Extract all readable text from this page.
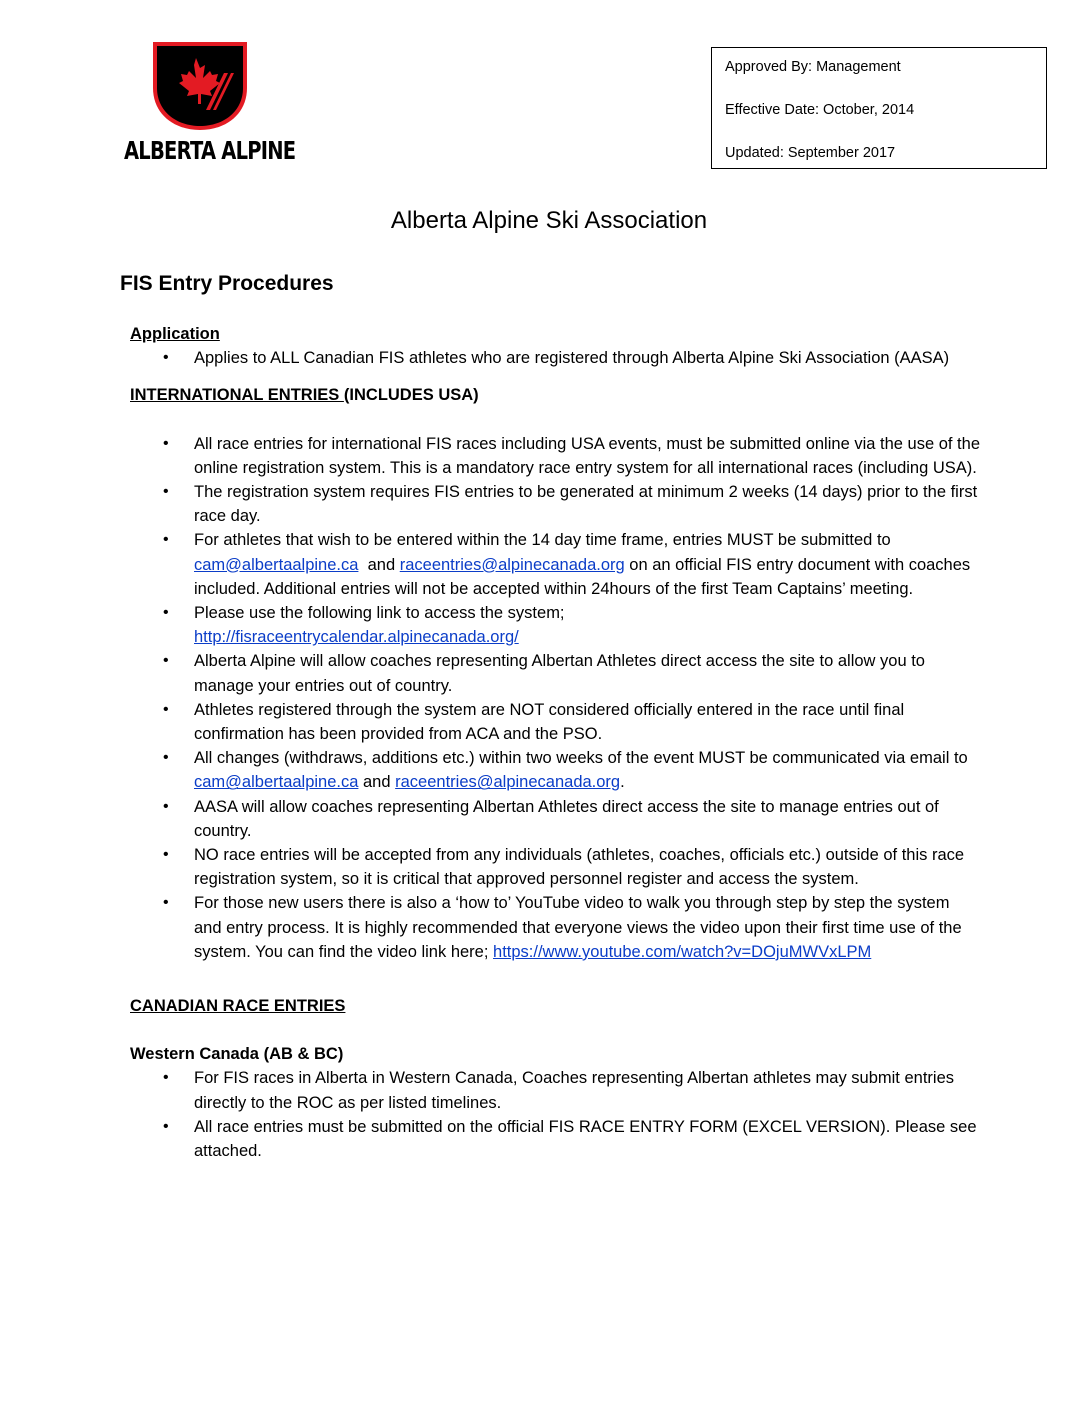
ALBERTA ALPINE
Approved By: Management
Effective Date: October, 2014
Updated: September 2017
Alberta Alpine Ski Association
FIS Entry Procedures
Application
• Applies to ALL Canadian FIS athletes who are registered through Alberta Alpine Ski Association (AASA)
INTERNATIONAL ENTRIES (INCLUDES USA)
• All race entries for international FIS races including USA events, must be submitted online via the use of the online registration system. This is a mandatory race entry system for all international races (including USA).
• The registration system requires FIS entries to be generated at minimum 2 weeks (14 days) prior to the first race day.
• For athletes that wish to be entered within the 14 day time frame, entries MUST be submitted to cam@albertaalpine.ca  and raceentries@alpinecanada.org on an official FIS entry document with coaches included. Additional entries will not be accepted within 24hours of the first Team Captains’ meeting.
• Please use the following link to access the system;
http://fisraceentrycalendar.alpinecanada.org/
• Alberta Alpine will allow coaches representing Albertan Athletes direct access the site to allow you to manage your entries out of country.
• Athletes registered through the system are NOT considered officially entered in the race until final confirmation has been provided from ACA and the PSO.
• All changes (withdraws, additions etc.) within two weeks of the event MUST be communicated via email to cam@albertaalpine.ca and raceentries@alpinecanada.org.
• AASA will allow coaches representing Albertan Athletes direct access the site to manage entries out of country.
• NO race entries will be accepted from any individuals (athletes, coaches, officials etc.) outside of this race registration system, so it is critical that approved personnel register and access the system.
• For those new users there is also a ‘how to’ YouTube video to walk you through step by step the system and entry process. It is highly recommended that everyone views the video upon their first time use of the system. You can find the video link here; https://www.youtube.com/watch?v=DOjuMWVxLPM
CANADIAN RACE ENTRIES
Western Canada (AB & BC)
• For FIS races in Alberta in Western Canada, Coaches representing Albertan athletes may submit entries directly to the ROC as per listed timelines.
• All race entries must be submitted on the official FIS RACE ENTRY FORM (EXCEL VERSION). Please see attached.
